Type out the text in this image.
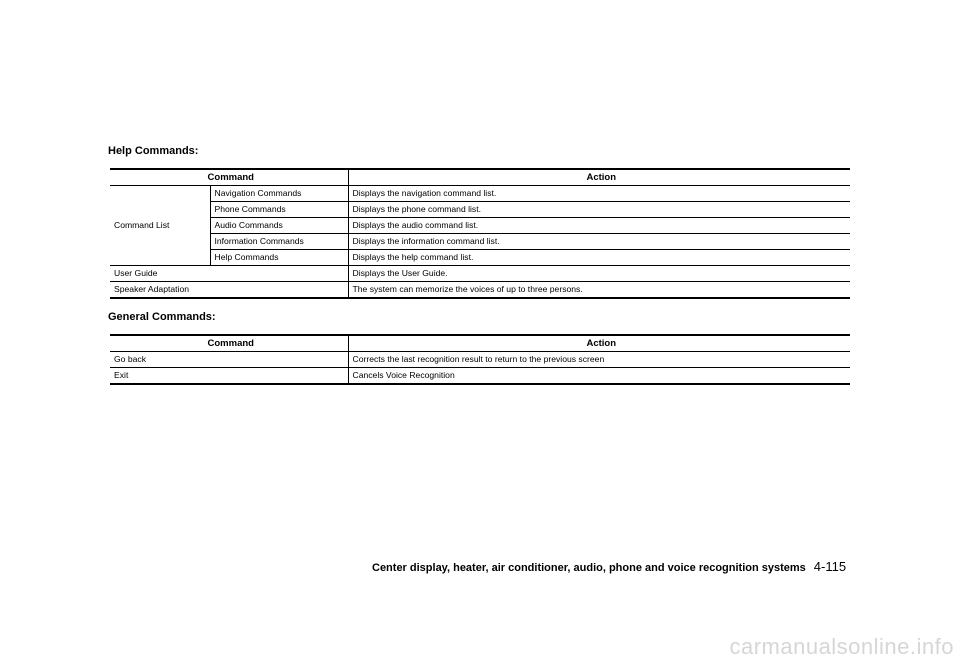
Help Commands:
Command		Action
Command List	Navigation Commands	Displays the navigation command list.
	Phone Commands	Displays the phone command list.
	Audio Commands	Displays the audio command list.
	Information Commands	Displays the information command list.
	Help Commands	Displays the help command list.
User Guide		Displays the User Guide.
Speaker Adaptation		The system can memorize the voices of up to three persons.
General Commands:
Command	Action
Go back	Corrects the last recognition result to return to the previous screen
Exit	Cancels Voice Recognition
Center display, heater, air conditioner, audio, phone and voice recognition systems 4-115
carmanualsonline.info
